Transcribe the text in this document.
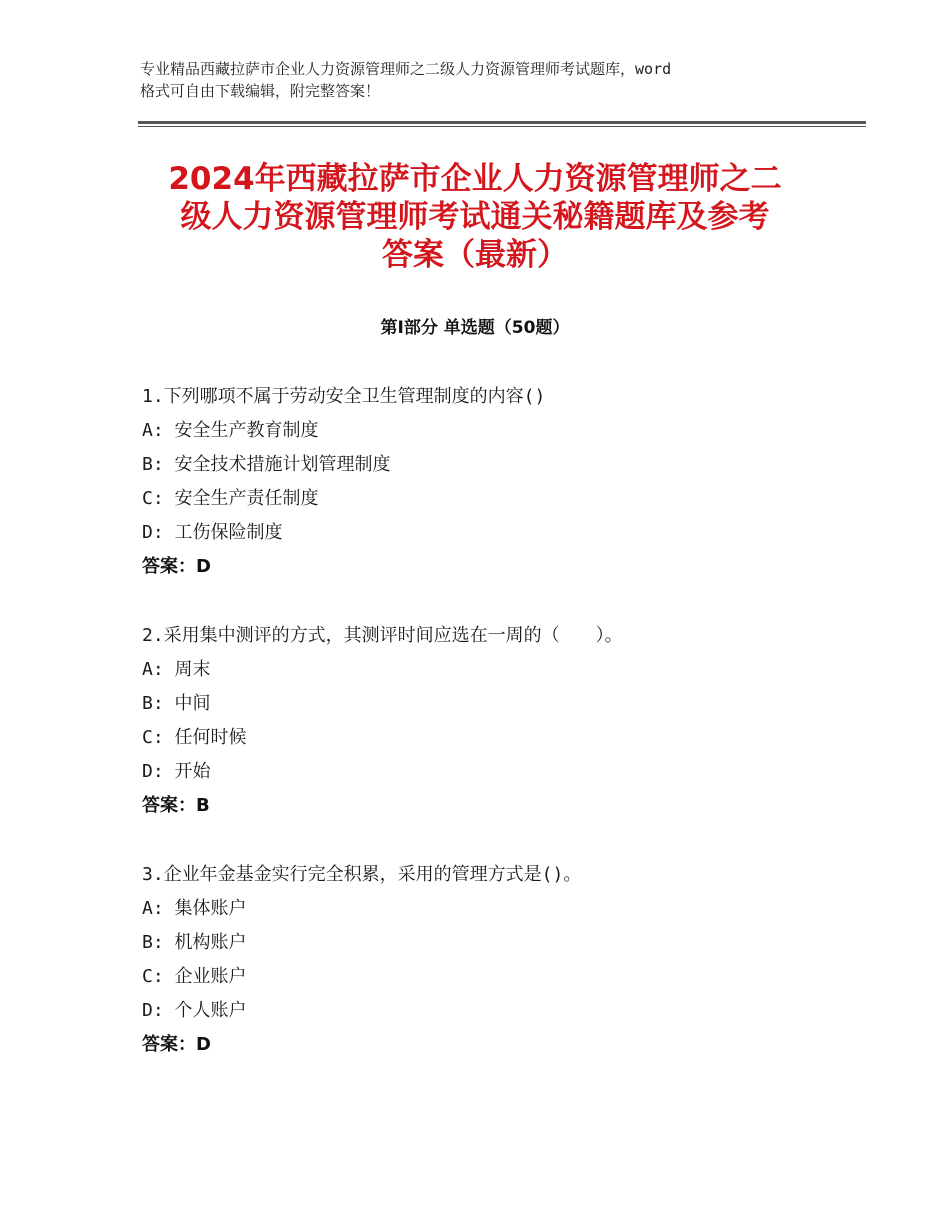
专业精品西藏拉萨市企业人力资源管理师之二级人力资源管理师考试题库，word
格式可自由下载编辑，附完整答案！
2024年西藏拉萨市企业人力资源管理师之二
级人力资源管理师考试通关秘籍题库及参考
答案（最新）
第Ⅰ部分 单选题（50题）
1.下列哪项不属于劳动安全卫生管理制度的内容()
A: 安全生产教育制度
B: 安全技术措施计划管理制度
C: 安全生产责任制度
D: 工伤保险制度
答案：D
2.采用集中测评的方式，其测评时间应选在一周的（　　）。
A: 周末
B: 中间
C: 任何时候
D: 开始
答案：B
3.企业年金基金实行完全积累，采用的管理方式是()。
A: 集体账户
B: 机构账户
C: 企业账户
D: 个人账户
答案：D
